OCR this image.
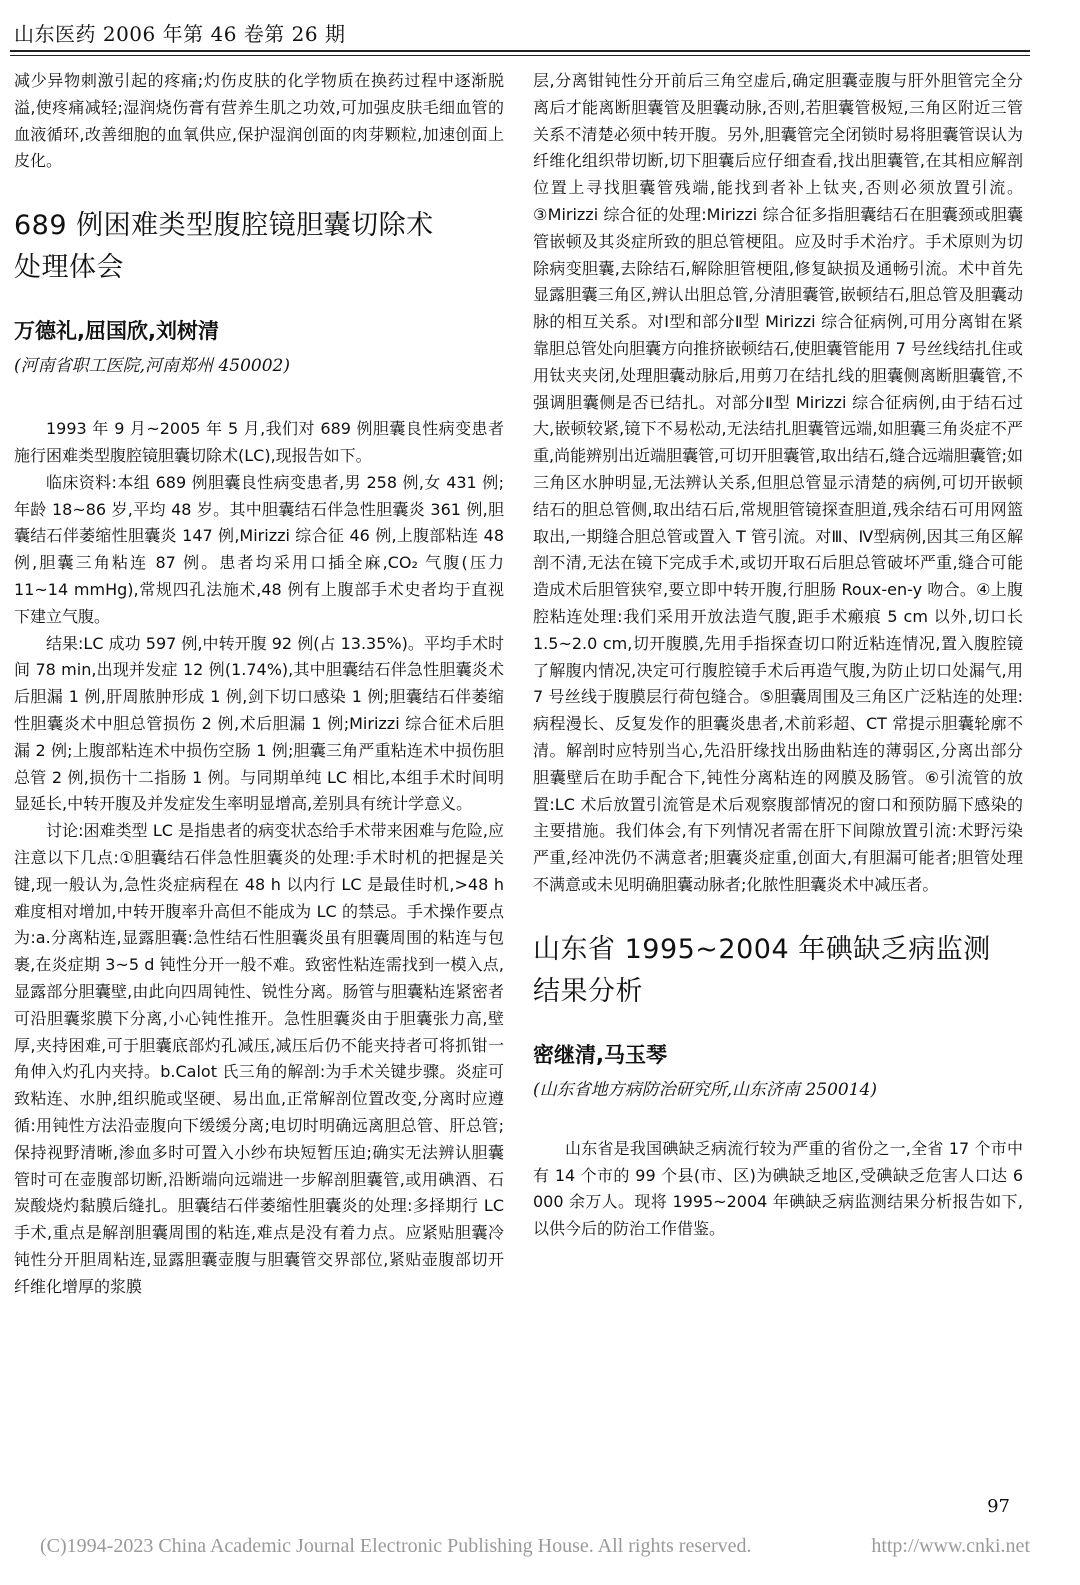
山东医药 2006 年第 46 卷第 26 期

减少异物刺激引起的疼痛;灼伤皮肤的化学物质在换药过程中逐渐脱溢,使疼痛减轻;湿润烧伤膏有营养生肌之功效,可加强皮肤毛细血管的血液循环,改善细胞的血氧供应,保护湿润创面的肉芽颗粒,加速创面上皮化。

689 例困难类型腹腔镜胆囊切除术
处理体会

万德礼,屈国欣,刘树清

(河南省职工医院,河南郑州 450002)

1993 年 9 月~2005 年 5 月,我们对 689 例胆囊良性病变患者施行困难类型腹腔镜胆囊切除术(LC),现报告如下。

临床资料:本组 689 例胆囊良性病变患者,男 258 例,女 431 例;年龄 18~86 岁,平均 48 岁。其中胆囊结石伴急性胆囊炎 361 例,胆囊结石伴萎缩性胆囊炎 147 例,Mirizzi 综合征 46 例,上腹部粘连 48 例,胆囊三角粘连 87 例。患者均采用口插全麻,CO₂ 气腹(压力 11~14 mmHg),常规四孔法施术,48 例有上腹部手术史者均于直视下建立气腹。

结果:LC 成功 597 例,中转开腹 92 例(占 13.35%)。平均手术时间 78 min,出现并发症 12 例(1.74%),其中胆囊结石伴急性胆囊炎术后胆漏 1 例,肝周脓肿形成 1 例,剑下切口感染 1 例;胆囊结石伴萎缩性胆囊炎术中胆总管损伤 2 例,术后胆漏 1 例;Mirizzi 综合征术后胆漏 2 例;上腹部粘连术中损伤空肠 1 例;胆囊三角严重粘连术中损伤胆总管 2 例,损伤十二指肠 1 例。与同期单纯 LC 相比,本组手术时间明显延长,中转开腹及并发症发生率明显增高,差别具有统计学意义。

讨论:困难类型 LC 是指患者的病变状态给手术带来困难与危险,应注意以下几点:①胆囊结石伴急性胆囊炎的处理:手术时机的把握是关键,现一般认为,急性炎症病程在 48 h 以内行 LC 是最佳时机,>48 h 难度相对增加,中转开腹率升高但不能成为 LC 的禁忌。手术操作要点为:a.分离粘连,显露胆囊:急性结石性胆囊炎虽有胆囊周围的粘连与包裹,在炎症期 3~5 d 钝性分开一般不难。致密性粘连需找到一模入点,显露部分胆囊壁,由此向四周钝性、锐性分离。肠管与胆囊粘连紧密者可沿胆囊浆膜下分离,小心钝性推开。急性胆囊炎由于胆囊张力高,壁厚,夹持困难,可于胆囊底部灼孔减压,减压后仍不能夹持者可将抓钳一角伸入灼孔内夹持。b.Calot 氏三角的解剖:为手术关键步骤。炎症可致粘连、水肿,组织脆或坚硬、易出血,正常解剖位置改变,分离时应遵循:用钝性方法沿壶腹向下缓缓分离;电切时明确远离胆总管、肝总管;保持视野清晰,渗血多时可置入小纱布块短暂压迫;确实无法辨认胆囊管时可在壶腹部切断,沿断端向远端进一步解剖胆囊管,或用碘酒、石炭酸烧灼黏膜后缝扎。胆囊结石伴萎缩性胆囊炎的处理:多择期行 LC 手术,重点是解剖胆囊周围的粘连,难点是没有着力点。应紧贴胆囊冷钝性分开胆周粘连,显露胆囊壶腹与胆囊管交界部位,紧贴壶腹部切开纤维化增厚的浆膜

层,分离钳钝性分开前后三角空虚后,确定胆囊壶腹与肝外胆管完全分离后才能离断胆囊管及胆囊动脉,否则,若胆囊管极短,三角区附近三管关系不清楚必须中转开腹。另外,胆囊管完全闭锁时易将胆囊管误认为纤维化组织带切断,切下胆囊后应仔细查看,找出胆囊管,在其相应解剖位置上寻找胆囊管残端,能找到者补上钛夹,否则必须放置引流。③Mirizzi 综合征的处理:Mirizzi 综合征多指胆囊结石在胆囊颈或胆囊管嵌顿及其炎症所致的胆总管梗阻。应及时手术治疗。手术原则为切除病变胆囊,去除结石,解除胆管梗阻,修复缺损及通畅引流。术中首先显露胆囊三角区,辨认出胆总管,分清胆囊管,嵌顿结石,胆总管及胆囊动脉的相互关系。对Ⅰ型和部分Ⅱ型 Mirizzi 综合征病例,可用分离钳在紧靠胆总管处向胆囊方向推挤嵌顿结石,使胆囊管能用 7 号丝线结扎住或用钛夹夹闭,处理胆囊动脉后,用剪刀在结扎线的胆囊侧离断胆囊管,不强调胆囊侧是否已结扎。对部分Ⅱ型 Mirizzi 综合征病例,由于结石过大,嵌顿较紧,镜下不易松动,无法结扎胆囊管远端,如胆囊三角炎症不严重,尚能辨别出近端胆囊管,可切开胆囊管,取出结石,缝合远端胆囊管;如三角区水肿明显,无法辨认关系,但胆总管显示清楚的病例,可切开嵌顿结石的胆总管侧,取出结石后,常规胆管镜探查胆道,残余结石可用网篮取出,一期缝合胆总管或置入 T 管引流。对Ⅲ、Ⅳ型病例,因其三角区解剖不清,无法在镜下完成手术,或切开取石后胆总管破坏严重,缝合可能造成术后胆管狭窄,要立即中转开腹,行胆肠 Roux-en-y 吻合。④上腹腔粘连处理:我们采用开放法造气腹,距手术瘢痕 5 cm 以外,切口长 1.5~2.0 cm,切开腹膜,先用手指探查切口附近粘连情况,置入腹腔镜了解腹内情况,决定可行腹腔镜手术后再造气腹,为防止切口处漏气,用 7 号丝线于腹膜层行荷包缝合。⑤胆囊周围及三角区广泛粘连的处理:病程漫长、反复发作的胆囊炎患者,术前彩超、CT 常提示胆囊轮廓不清。解剖时应特别当心,先沿肝缘找出肠曲粘连的薄弱区,分离出部分胆囊壁后在助手配合下,钝性分离粘连的网膜及肠管。⑥引流管的放置:LC 术后放置引流管是术后观察腹部情况的窗口和预防膈下感染的主要措施。我们体会,有下列情况者需在肝下间隙放置引流:术野污染严重,经冲洗仍不满意者;胆囊炎症重,创面大,有胆漏可能者;胆管处理不满意或未见明确胆囊动脉者;化脓性胆囊炎术中减压者。

山东省 1995~2004 年碘缺乏病监测
结果分析

密继清,马玉琴

(山东省地方病防治研究所,山东济南 250014)

山东省是我国碘缺乏病流行较为严重的省份之一,全省 17 个市中有 14 个市的 99 个县(市、区)为碘缺乏地区,受碘缺乏危害人口达 6 000 余万人。现将 1995~2004 年碘缺乏病监测结果分析报告如下,以供今后的防治工作借鉴。

97
(C)1994-2023 China Academic Journal Electronic Publishing House. All rights reserved.	http://www.cnki.net
